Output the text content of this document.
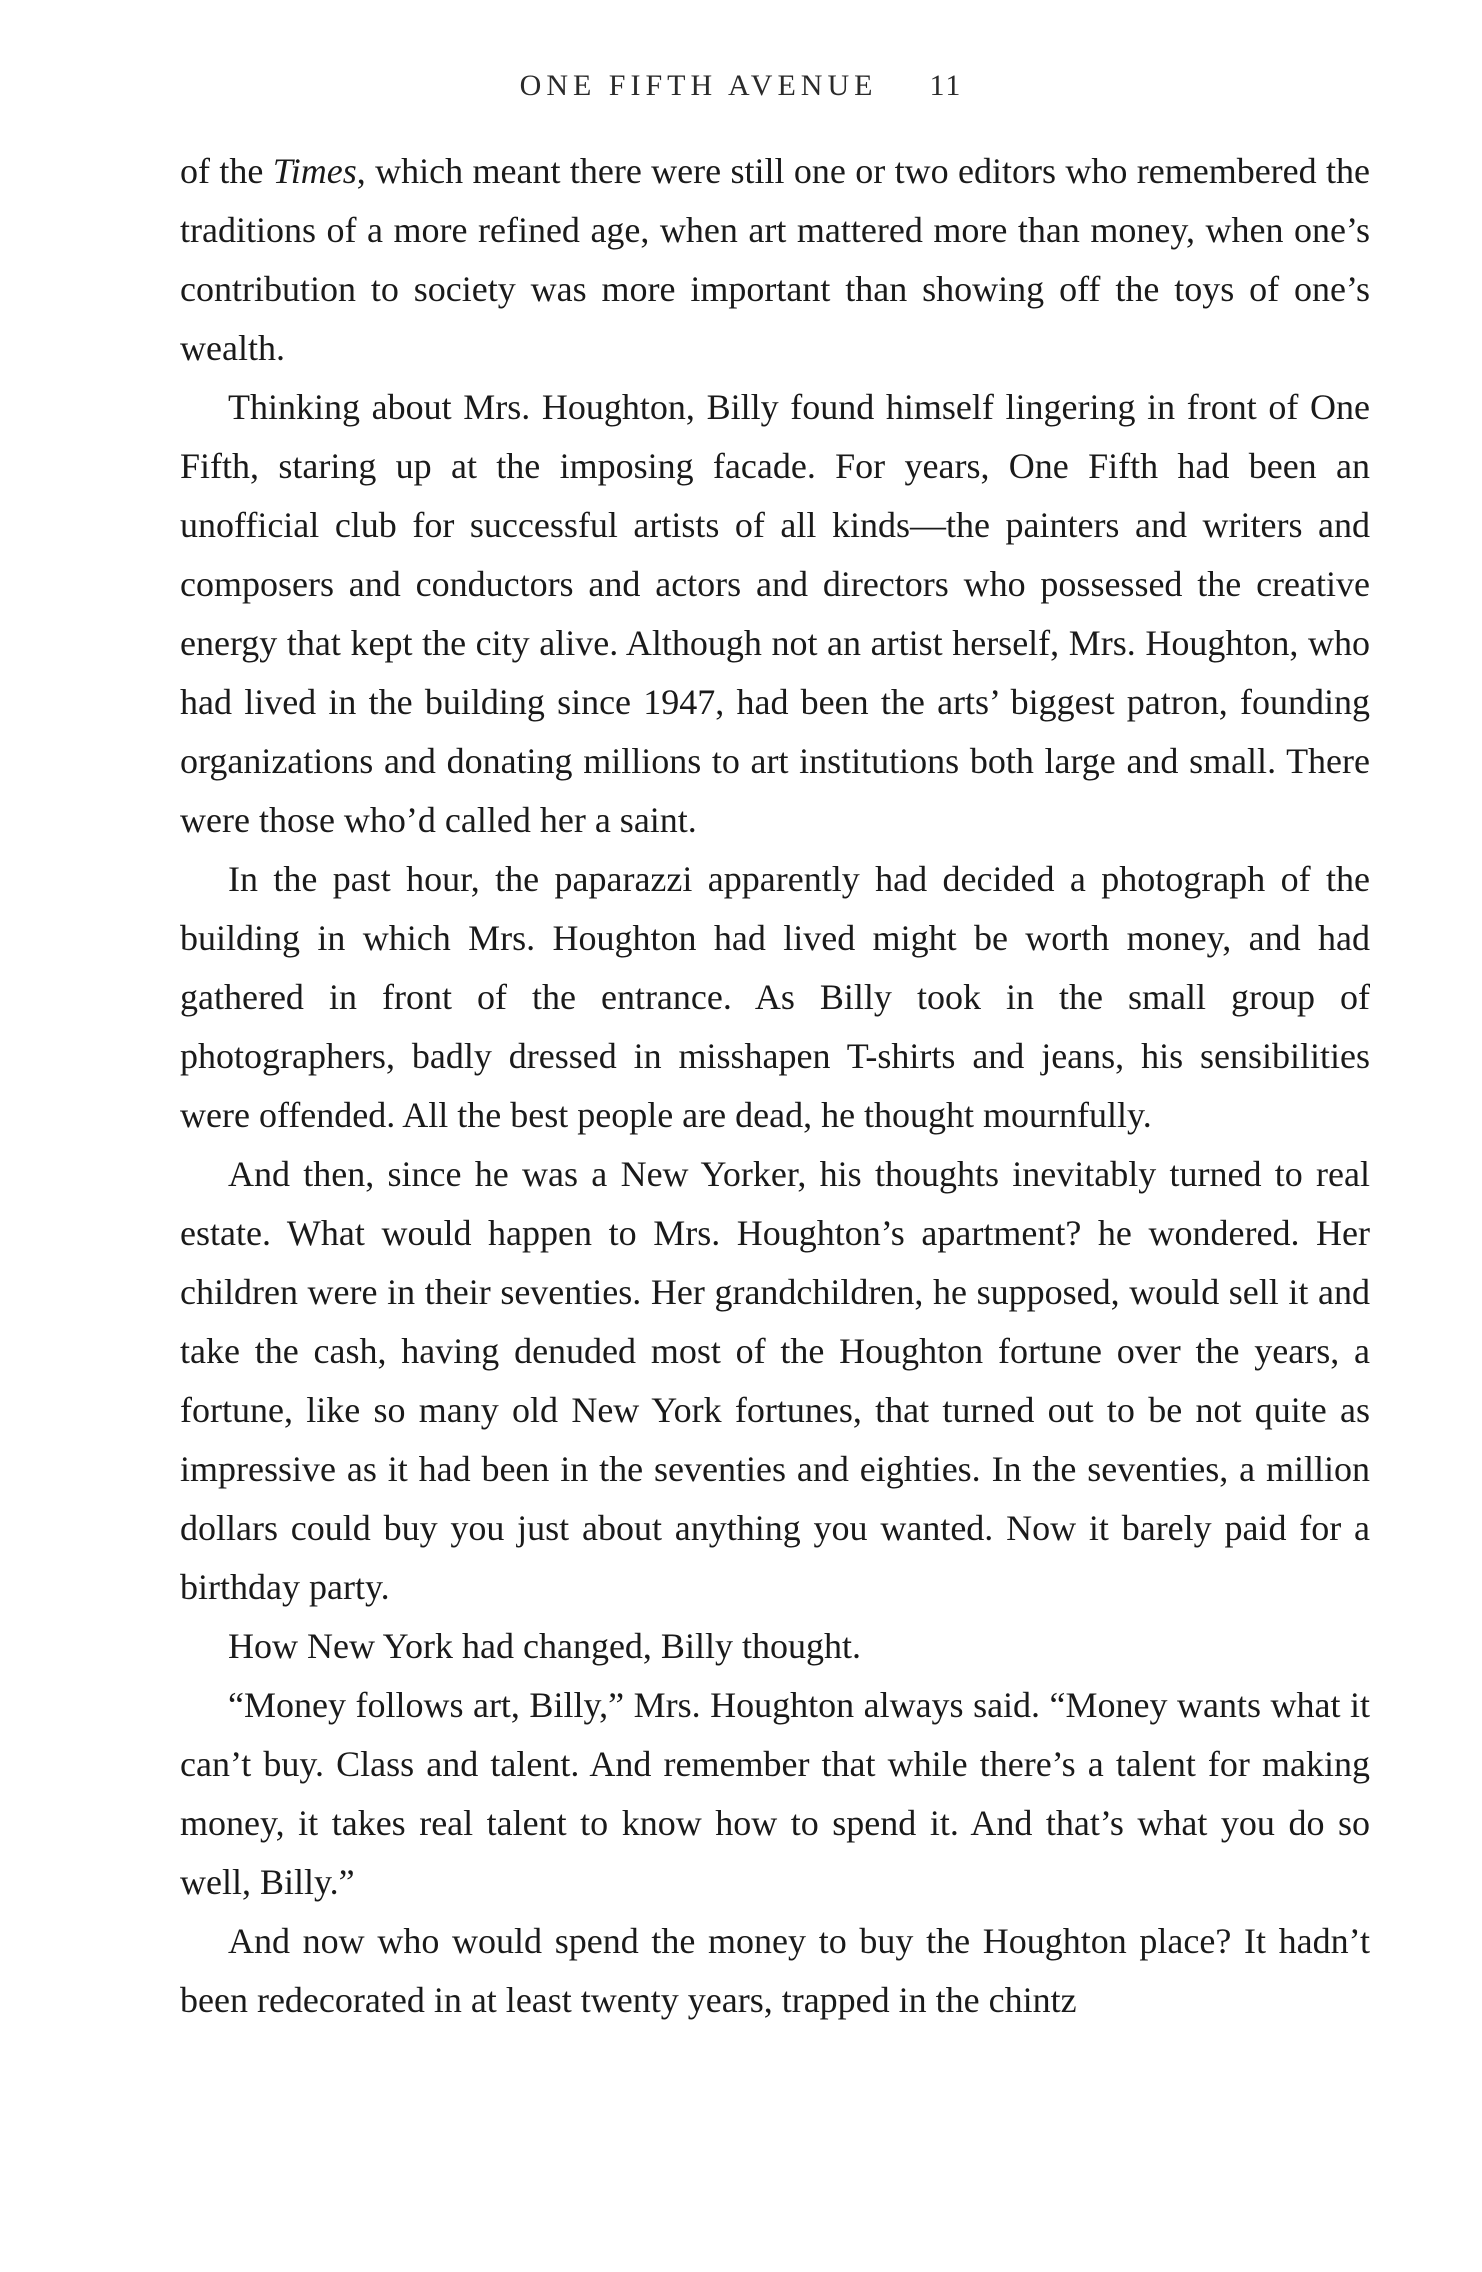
ONE FIFTH AVENUE 11

of the Times, which meant there were still one or two editors who remembered the traditions of a more refined age, when art mattered more than money, when one’s contribution to society was more important than showing off the toys of one’s wealth.

Thinking about Mrs. Houghton, Billy found himself lingering in front of One Fifth, staring up at the imposing facade. For years, One Fifth had been an unofficial club for successful artists of all kinds—the painters and writers and composers and conductors and actors and directors who possessed the creative energy that kept the city alive. Although not an artist herself, Mrs. Houghton, who had lived in the building since 1947, had been the arts’ biggest patron, founding organizations and donating millions to art institutions both large and small. There were those who’d called her a saint.

In the past hour, the paparazzi apparently had decided a photograph of the building in which Mrs. Houghton had lived might be worth money, and had gathered in front of the entrance. As Billy took in the small group of photographers, badly dressed in misshapen T-shirts and jeans, his sensibilities were offended. All the best people are dead, he thought mournfully.

And then, since he was a New Yorker, his thoughts inevitably turned to real estate. What would happen to Mrs. Houghton’s apartment? he wondered. Her children were in their seventies. Her grandchildren, he supposed, would sell it and take the cash, having denuded most of the Houghton fortune over the years, a fortune, like so many old New York fortunes, that turned out to be not quite as impressive as it had been in the seventies and eighties. In the seventies, a million dollars could buy you just about anything you wanted. Now it barely paid for a birthday party.

How New York had changed, Billy thought.

“Money follows art, Billy,” Mrs. Houghton always said. “Money wants what it can’t buy. Class and talent. And remember that while there’s a talent for making money, it takes real talent to know how to spend it. And that’s what you do so well, Billy.”

And now who would spend the money to buy the Houghton place? It hadn’t been redecorated in at least twenty years, trapped in the chintz
